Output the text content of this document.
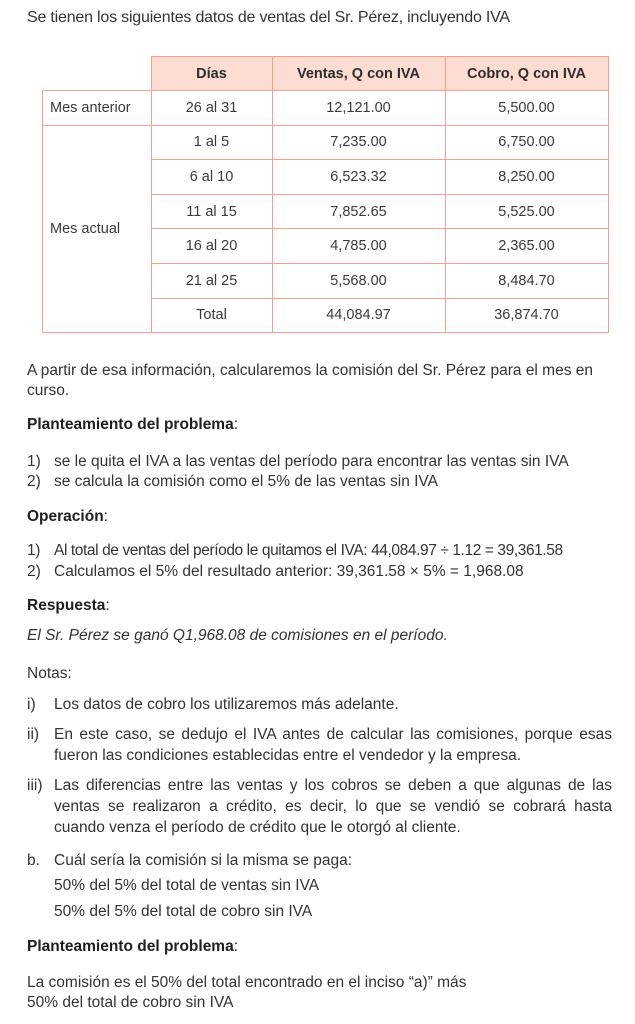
Se tienen los siguientes datos de ventas del Sr. Pérez, incluyendo IVA
	Días	Ventas, Q con IVA	Cobro, Q con IVA
Mes anterior	26 al 31	12,121.00	5,500.00
Mes actual	1 al 5	7,235.00	6,750.00
	6 al 10	6,523.32	8,250.00
	11 al 15	7,852.65	5,525.00
	16 al 20	4,785.00	2,365.00
	21 al 25	5,568.00	8,484.70
	Total	44,084.97	36,874.70
A partir de esa información, calcularemos la comisión del Sr. Pérez para el mes en curso.
Planteamiento del problema:
1) se le quita el IVA a las ventas del período para encontrar las ventas sin IVA
2) se calcula la comisión como el 5% de las ventas sin IVA
Operación:
1) Al total de ventas del período le quitamos el IVA: 44,084.97 ÷ 1.12 = 39,361.58
2) Calculamos el 5% del resultado anterior: 39,361.58 × 5% = 1,968.08
Respuesta:
El Sr. Pérez se ganó Q1,968.08 de comisiones en el período.
Notas:
i) Los datos de cobro los utilizaremos más adelante.
ii) En este caso, se dedujo el IVA antes de calcular las comisiones, porque esas fueron las condiciones establecidas entre el vendedor y la empresa.
iii) Las diferencias entre las ventas y los cobros se deben a que algunas de las ventas se realizaron a crédito, es decir, lo que se vendió se cobrará hasta cuando venza el período de crédito que le otorgó al cliente.
b. Cuál sería la comisión si la misma se paga:
50% del 5% del total de ventas sin IVA
50% del 5% del total de cobro sin IVA
Planteamiento del problema:
La comisión es el 50% del total encontrado en el inciso “a)” más
50% del total de cobro sin IVA
